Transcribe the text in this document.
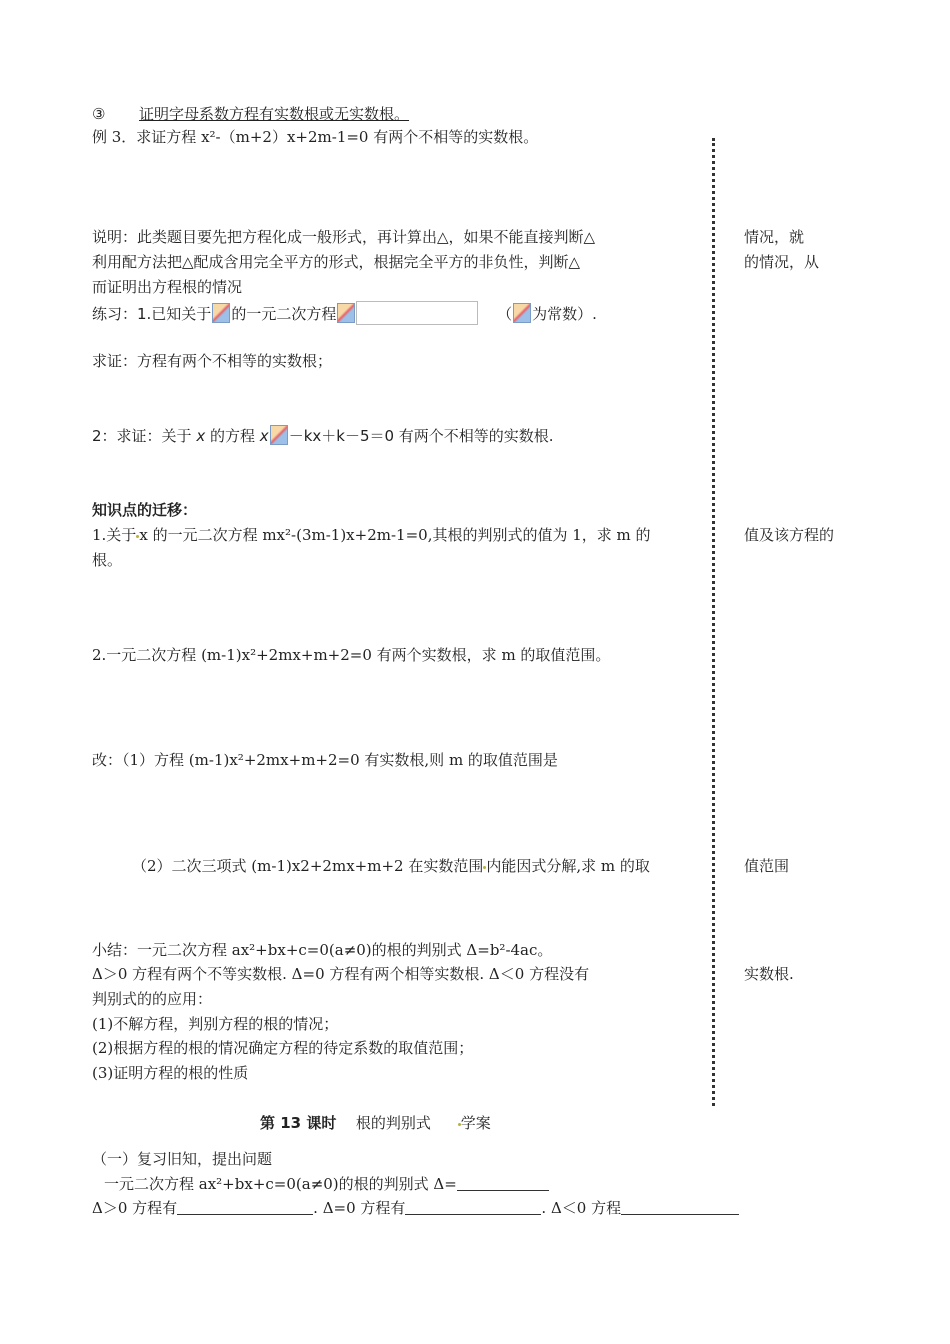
③ 证明字母系数方程有实数根或无实数根。
例 3．求证方程 x²-（m+2）x+2m-1=0 有两个不相等的实数根。
说明：此类题目要先把方程化成一般形式，再计算出△，如果不能直接判断△
利用配方法把△配成含用完全平方的形式，根据完全平方的非负性，判断△
而证明出方程根的情况
练习：1.已知关于 的一元二次方程	（ 为常数）.
求证：方程有两个不相等的实数根；
2：求证：关于 x 的方程 x －kx＋k－5＝0 有两个不相等的实数根.
知识点的迁移：
1.关于 x 的一元二次方程 mx²-(3m-1)x+2m-1=0,其根的判别式的值为 1，求 m 的
根。
2.一元二次方程 (m-1)x²+2mx+m+2=0 有两个实数根，求 m 的取值范围。
改：（1）方程 (m-1)x²+2mx+m+2=0 有实数根,则 m 的取值范围是
（2）二次三项式 (m-1)x2+2mx+m+2 在实数范围 内能因式分解,求 m 的取
小结：一元二次方程 ax²+bx+c=0(a≠0)的根的判别式 Δ=b²-4ac。
Δ＞0 方程有两个不等实数根. Δ=0 方程有两个相等实数根. Δ＜0 方程没有
判别式的的应用：
(1)不解方程，判别方程的根的情况；
(2)根据方程的根的情况确定方程的待定系数的取值范围；
(3)证明方程的根的性质
情况，就
的情况，从
值及该方程的
值范围
实数根.
第 13 课时 根的判别式 学案
（一）复习旧知，提出问题
一元二次方程 ax²+bx+c=0(a≠0)的根的判别式 Δ=
Δ＞0 方程有	. Δ=0 方程有	. Δ＜0 方程
